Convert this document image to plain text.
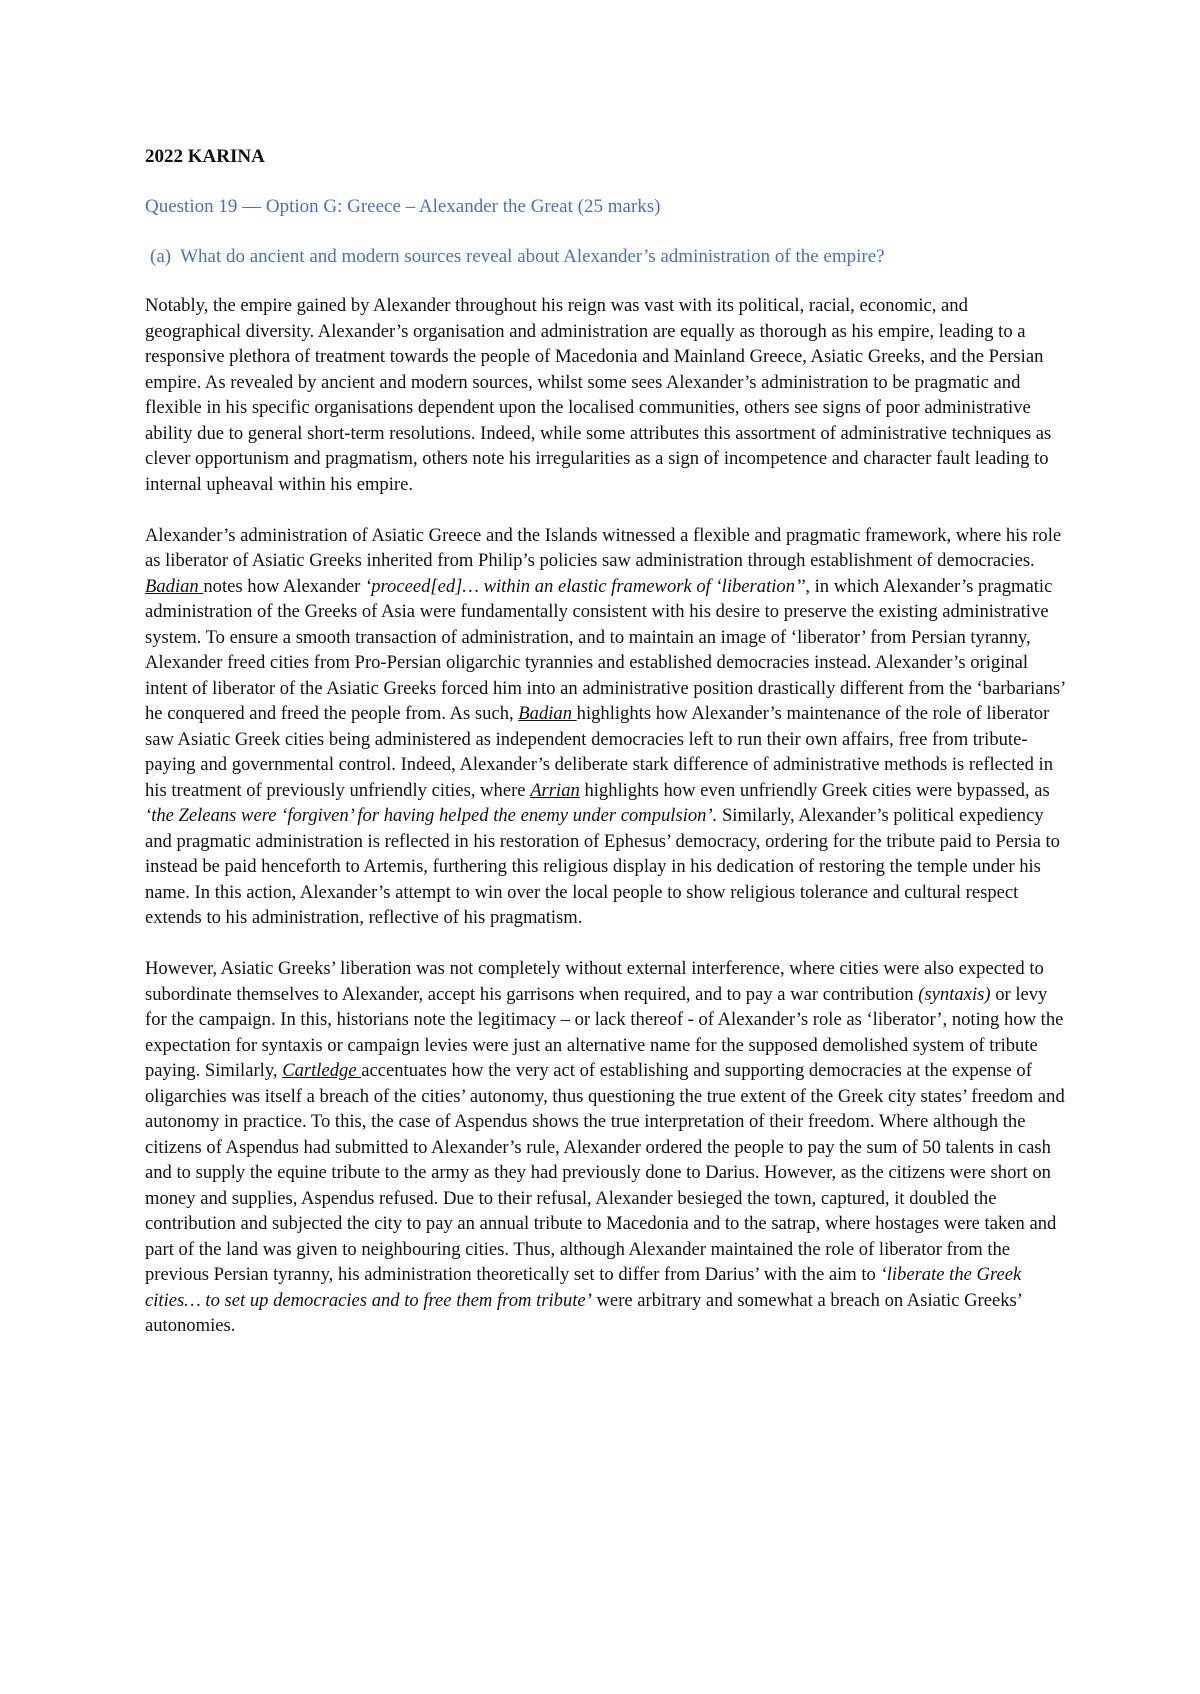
2022 KARINA
Question 19 — Option G: Greece – Alexander the Great (25 marks)
(a) What do ancient and modern sources reveal about Alexander’s administration of the empire?

Notably, the empire gained by Alexander throughout his reign was vast with its political, racial, economic, and geographical diversity. Alexander’s organisation and administration are equally as thorough as his empire, leading to a responsive plethora of treatment towards the people of Macedonia and Mainland Greece, Asiatic Greeks, and the Persian empire. As revealed by ancient and modern sources, whilst some sees Alexander’s administration to be pragmatic and flexible in his specific organisations dependent upon the localised communities, others see signs of poor administrative ability due to general short-term resolutions. Indeed, while some attributes this assortment of administrative techniques as clever opportunism and pragmatism, others note his irregularities as a sign of incompetence and character fault leading to internal upheaval within his empire.

Alexander’s administration of Asiatic Greece and the Islands witnessed a flexible and pragmatic framework, where his role as liberator of Asiatic Greeks inherited from Philip’s policies saw administration through establishment of democracies. Badian notes how Alexander ‘proceed[ed]… within an elastic framework of ‘liberation’’, in which Alexander’s pragmatic administration of the Greeks of Asia were fundamentally consistent with his desire to preserve the existing administrative system. To ensure a smooth transaction of administration, and to maintain an image of ‘liberator’ from Persian tyranny, Alexander freed cities from Pro-Persian oligarchic tyrannies and established democracies instead. Alexander’s original intent of liberator of the Asiatic Greeks forced him into an administrative position drastically different from the ‘barbarians’ he conquered and freed the people from. As such, Badian highlights how Alexander’s maintenance of the role of liberator saw Asiatic Greek cities being administered as independent democracies left to run their own affairs, free from tribute-paying and governmental control. Indeed, Alexander’s deliberate stark difference of administrative methods is reflected in his treatment of previously unfriendly cities, where Arrian highlights how even unfriendly Greek cities were bypassed, as ‘the Zeleans were ‘forgiven’ for having helped the enemy under compulsion’. Similarly, Alexander’s political expediency and pragmatic administration is reflected in his restoration of Ephesus’ democracy, ordering for the tribute paid to Persia to instead be paid henceforth to Artemis, furthering this religious display in his dedication of restoring the temple under his name. In this action, Alexander’s attempt to win over the local people to show religious tolerance and cultural respect extends to his administration, reflective of his pragmatism.

However, Asiatic Greeks’ liberation was not completely without external interference, where cities were also expected to subordinate themselves to Alexander, accept his garrisons when required, and to pay a war contribution (syntaxis) or levy for the campaign. In this, historians note the legitimacy – or lack thereof - of Alexander’s role as ‘liberator’, noting how the expectation for syntaxis or campaign levies were just an alternative name for the supposed demolished system of tribute paying. Similarly, Cartledge accentuates how the very act of establishing and supporting democracies at the expense of oligarchies was itself a breach of the cities’ autonomy, thus questioning the true extent of the Greek city states’ freedom and autonomy in practice. To this, the case of Aspendus shows the true interpretation of their freedom. Where although the citizens of Aspendus had submitted to Alexander’s rule, Alexander ordered the people to pay the sum of 50 talents in cash and to supply the equine tribute to the army as they had previously done to Darius. However, as the citizens were short on money and supplies, Aspendus refused. Due to their refusal, Alexander besieged the town, captured, it doubled the contribution and subjected the city to pay an annual tribute to Macedonia and to the satrap, where hostages were taken and part of the land was given to neighbouring cities. Thus, although Alexander maintained the role of liberator from the previous Persian tyranny, his administration theoretically set to differ from Darius’ with the aim to ‘liberate the Greek cities… to set up democracies and to free them from tribute’ were arbitrary and somewhat a breach on Asiatic Greeks’ autonomies.
